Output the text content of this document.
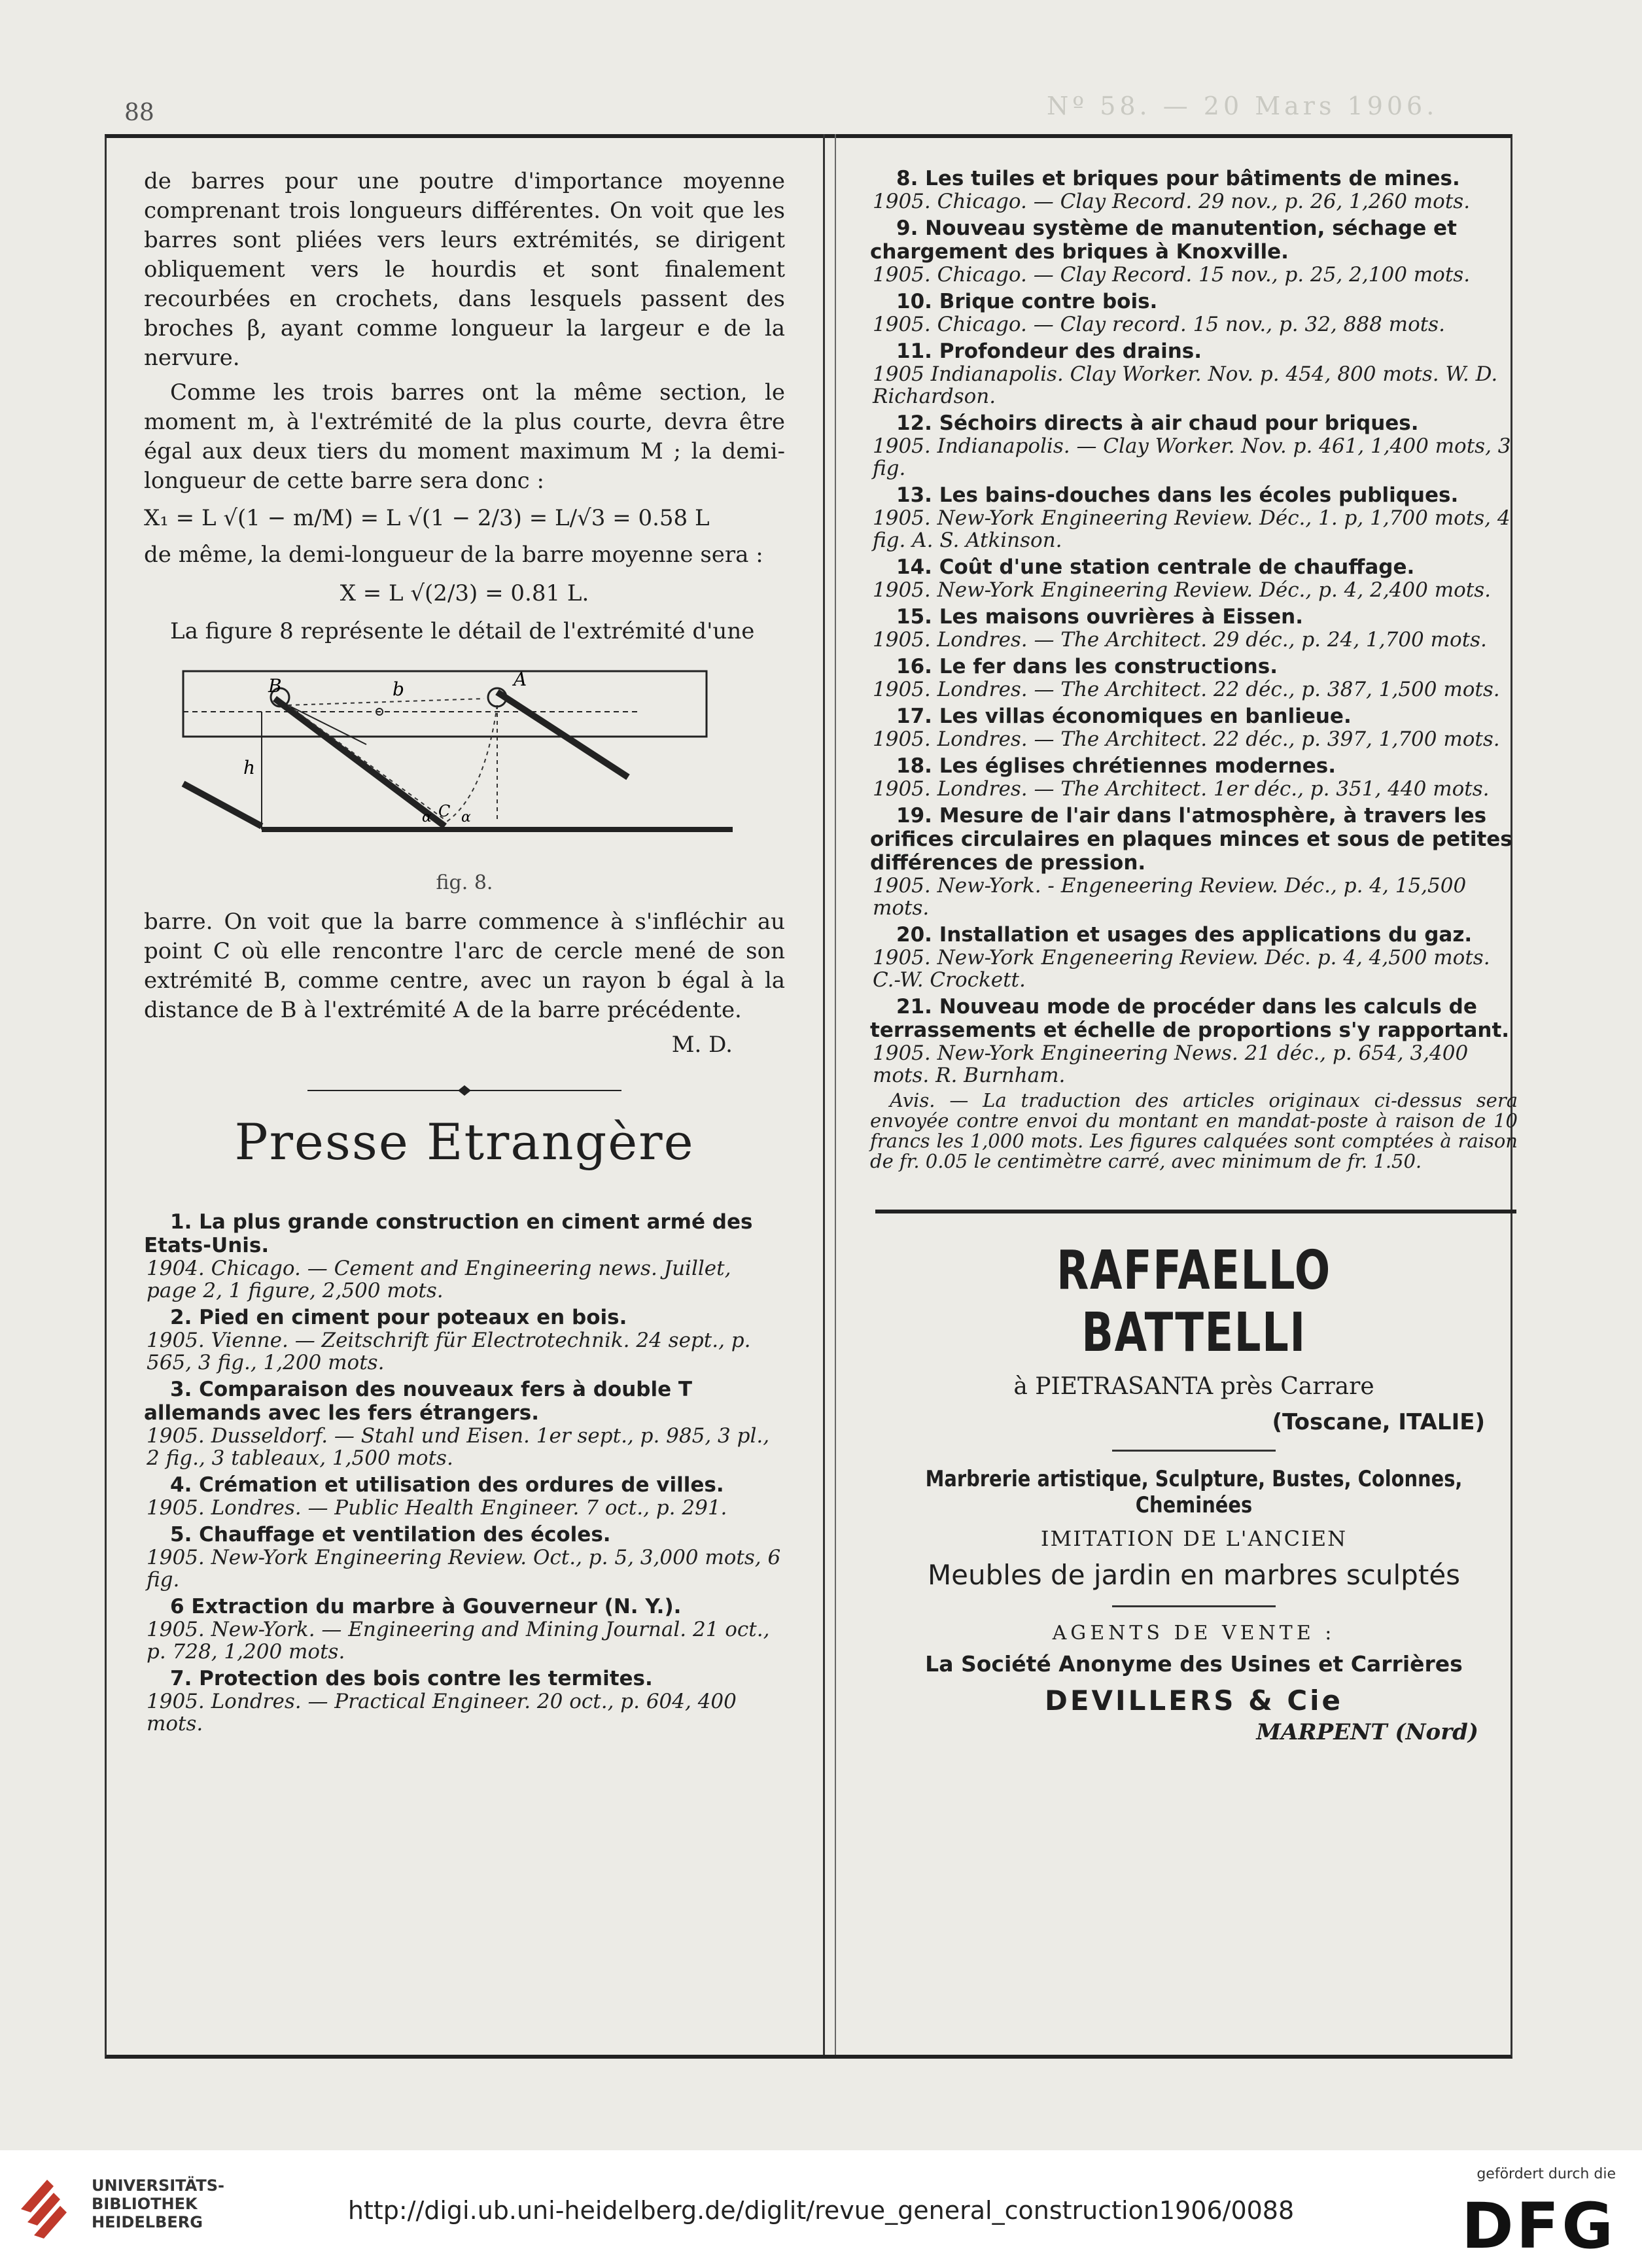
88	Nº 58. — 20 Mars 1906.

de barres pour une poutre d'importance moyenne comprenant trois longueurs différentes. On voit que les barres sont pliées vers leurs extrémités, se dirigent obliquement vers le hourdis et sont finalement recourbées en crochets, dans lesquels passent des broches β, ayant comme longueur la largeur e de la nervure.

Comme les trois barres ont la même section, le moment m, à l'extrémité de la plus courte, devra être égal aux deux tiers du moment maximum M ; la demi-longueur de cette barre sera donc :

X₁ = L √(1 − m/M) = L √(1 − 2/3) = L/√3 = 0.58 L

de même, la demi-longueur de la barre moyenne sera :

X = L √(2/3) = 0.81 L.

La figure 8 représente le détail de l'extrémité d'une

B	A
b
h
C
α α
fig. 8.

barre. On voit que la barre commence à s'infléchir au point C où elle rencontre l'arc de cercle mené de son extrémité B, comme centre, avec un rayon b égal à la distance de B à l'extrémité A de la barre précédente.

M. D.
Presse Etrangère
1. La plus grande construction en ciment armé des Etats-Unis.
1904. Chicago. — Cement and Engineering news. Juillet, page 2, 1 figure, 2,500 mots.
2. Pied en ciment pour poteaux en bois.
1905. Vienne. — Zeitschrift für Electrotechnik. 24 sept., p. 565, 3 fig., 1,200 mots.
3. Comparaison des nouveaux fers à double T allemands avec les fers étrangers.
1905. Dusseldorf. — Stahl und Eisen. 1er sept., p. 985, 3 pl., 2 fig., 3 tableaux, 1,500 mots.
4. Crémation et utilisation des ordures de villes.
1905. Londres. — Public Health Engineer. 7 oct., p. 291.
5. Chauffage et ventilation des écoles.
1905. New-York Engineering Review. Oct., p. 5, 3,000 mots, 6 fig.
6 Extraction du marbre à Gouverneur (N. Y.).
1905. New-York. — Engineering and Mining Journal. 21 oct., p. 728, 1,200 mots.
7. Protection des bois contre les termites.
1905. Londres. — Practical Engineer. 20 oct., p. 604, 400 mots.
8. Les tuiles et briques pour bâtiments de mines.
1905. Chicago. — Clay Record. 29 nov., p. 26, 1,260 mots.
9. Nouveau système de manutention, séchage et chargement des briques à Knoxville.
1905. Chicago. — Clay Record. 15 nov., p. 25, 2,100 mots.
10. Brique contre bois.
1905. Chicago. — Clay record. 15 nov., p. 32, 888 mots.
11. Profondeur des drains.
1905 Indianapolis. Clay Worker. Nov. p. 454, 800 mots. W. D. Richardson.
12. Séchoirs directs à air chaud pour briques.
1905. Indianapolis. — Clay Worker. Nov. p. 461, 1,400 mots, 3 fig.
13. Les bains-douches dans les écoles publiques.
1905. New-York Engineering Review. Déc., 1. p, 1,700 mots, 4 fig. A. S. Atkinson.
14. Coût d'une station centrale de chauffage.
1905. New-York Engineering Review. Déc., p. 4, 2,400 mots.
15. Les maisons ouvrières à Eissen.
1905. Londres. — The Architect. 29 déc., p. 24, 1,700 mots.
16. Le fer dans les constructions.
1905. Londres. — The Architect. 22 déc., p. 387, 1,500 mots.
17. Les villas économiques en banlieue.
1905. Londres. — The Architect. 22 déc., p. 397, 1,700 mots.
18. Les églises chrétiennes modernes.
1905. Londres. — The Architect. 1er déc., p. 351, 440 mots.
19. Mesure de l'air dans l'atmosphère, à travers les orifices circulaires en plaques minces et sous de petites différences de pression.
1905. New-York. - Engeneering Review. Déc., p. 4, 15,500 mots.
20. Installation et usages des applications du gaz.
1905. New-York Engeneering Review. Déc. p. 4, 4,500 mots. C.-W. Crockett.
21. Nouveau mode de procéder dans les calculs de terrassements et échelle de proportions s'y rapportant.
1905. New-York Engineering News. 21 déc., p. 654, 3,400 mots. R. Burnham.
Avis. — La traduction des articles originaux ci-dessus sera envoyée contre envoi du montant en mandat-poste à raison de 10 francs les 1,000 mots. Les figures calquées sont comptées à raison de fr. 0.05 le centimètre carré, avec minimum de fr. 1.50.
RAFFAELLO BATTELLI
à PIETRASANTA près Carrare
(Toscane, ITALIE)
Marbrerie artistique, Sculpture, Bustes, Colonnes, Cheminées
IMITATION DE L'ANCIEN
Meubles de jardin en marbres sculptés
AGENTS DE VENTE :
La Société Anonyme des Usines et Carrières
DEVILLERS & Cie
MARPENT (Nord)
UNIVERSITÄTS-
BIBLIOTHEK
HEIDELBERG	http://digi.ub.uni-heidelberg.de/diglit/revue_general_construction1906/0088
gefördert durch die
DFG
